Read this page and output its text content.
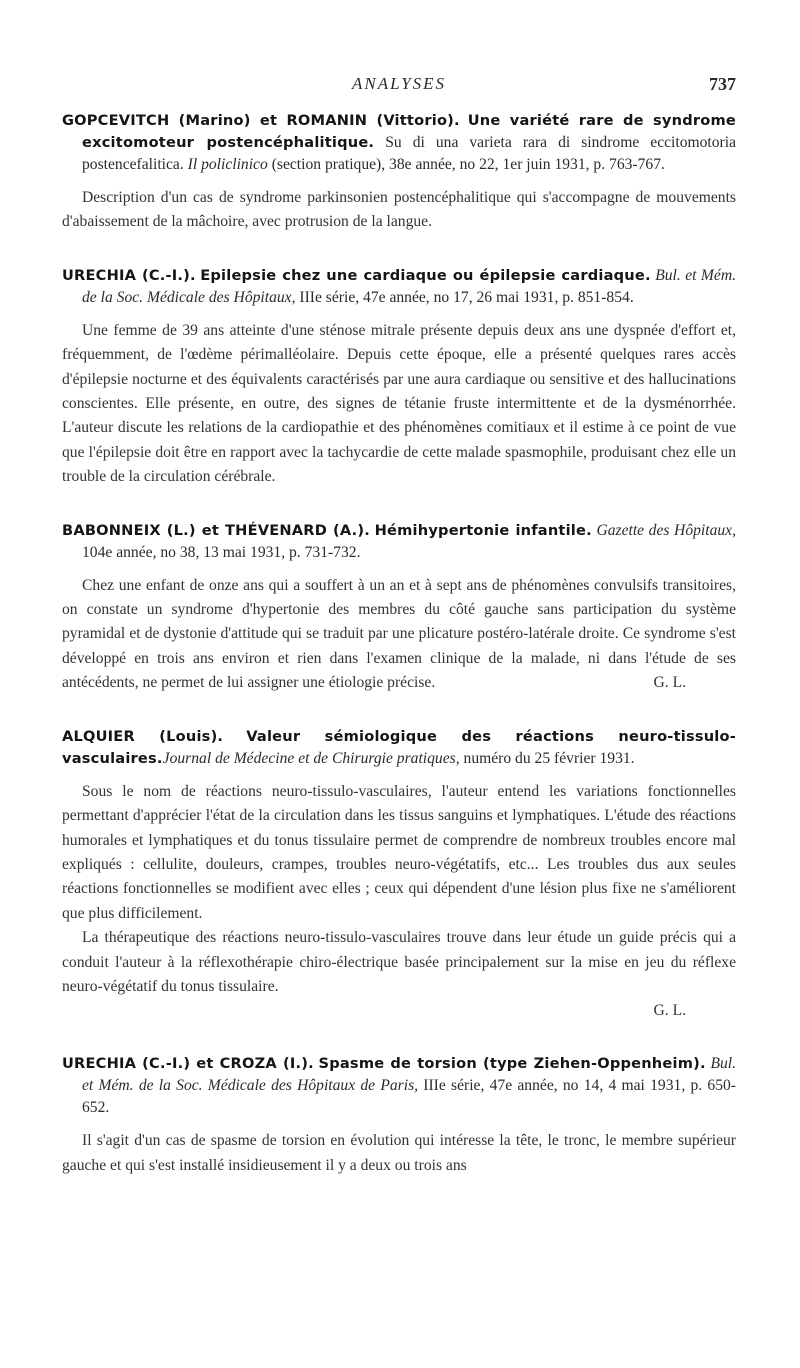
ANALYSES	737

GOPCEVITCH (Marino) et ROMANIN (Vittorio). Une variété rare de syndrome excitomoteur postencéphalitique. Su di una varieta rara di sindrome eccitomotoria postencefalitica. Il policlinico (section pratique), 38e année, no 22, 1er juin 1931, p. 763-767.

Description d'un cas de syndrome parkinsonien postencéphalitique qui s'accompagne de mouvements d'abaissement de la mâchoire, avec protrusion de la langue.

URECHIA (C.-I.). Epilepsie chez une cardiaque ou épilepsie cardiaque. Bul. et Mém. de la Soc. Médicale des Hôpitaux, IIIe série, 47e année, no 17, 26 mai 1931, p. 851-854.

Une femme de 39 ans atteinte d'une sténose mitrale présente depuis deux ans une dyspnée d'effort et, fréquemment, de l'œdème périmalléolaire. Depuis cette époque, elle a présenté quelques rares accès d'épilepsie nocturne et des équivalents caractérisés par une aura cardiaque ou sensitive et des hallucinations conscientes. Elle présente, en outre, des signes de tétanie fruste intermittente et de la dysménorrhée. L'auteur discute les relations de la cardiopathie et des phénomènes comitiaux et il estime à ce point de vue que l'épilepsie doit être en rapport avec la tachycardie de cette malade spasmophile, produisant chez elle un trouble de la circulation cérébrale.

BABONNEIX (L.) et THÉVENARD (A.). Hémihypertonie infantile. Gazette des Hôpitaux, 104e année, no 38, 13 mai 1931, p. 731-732.

Chez une enfant de onze ans qui a souffert à un an et à sept ans de phénomènes convulsifs transitoires, on constate un syndrome d'hypertonie des membres du côté gauche sans participation du système pyramidal et de dystonie d'attitude qui se traduit par une plicature postéro-latérale droite. Ce syndrome s'est développé en trois ans environ et rien dans l'examen clinique de la malade, ni dans l'étude de ses antécédents, ne permet de lui assigner une étiologie précise.	G. L.

ALQUIER (Louis). Valeur sémiologique des réactions neuro-tissulo-vasculaires.Journal de Médecine et de Chirurgie pratiques, numéro du 25 février 1931.

Sous le nom de réactions neuro-tissulo-vasculaires, l'auteur entend les variations fonctionnelles permettant d'apprécier l'état de la circulation dans les tissus sanguins et lymphatiques. L'étude des réactions humorales et lymphatiques et du tonus tissulaire permet de comprendre de nombreux troubles encore mal expliqués : cellulite, douleurs, crampes, troubles neuro-végétatifs, etc... Les troubles dus aux seules réactions fonctionnelles se modifient avec elles ; ceux qui dépendent d'une lésion plus fixe ne s'améliorent que plus difficilement.

La thérapeutique des réactions neuro-tissulo-vasculaires trouve dans leur étude un guide précis qui a conduit l'auteur à la réflexothérapie chiro-électrique basée principalement sur la mise en jeu du réflexe neuro-végétatif du tonus tissulaire.

G. L.

URECHIA (C.-I.) et CROZA (I.). Spasme de torsion (type Ziehen-Oppenheim). Bul. et Mém. de la Soc. Médicale des Hôpitaux de Paris, IIIe série, 47e année, no 14, 4 mai 1931, p. 650-652.

Il s'agit d'un cas de spasme de torsion en évolution qui intéresse la tête, le tronc, le membre supérieur gauche et qui s'est installé insidieusement il y a deux ou trois ans
